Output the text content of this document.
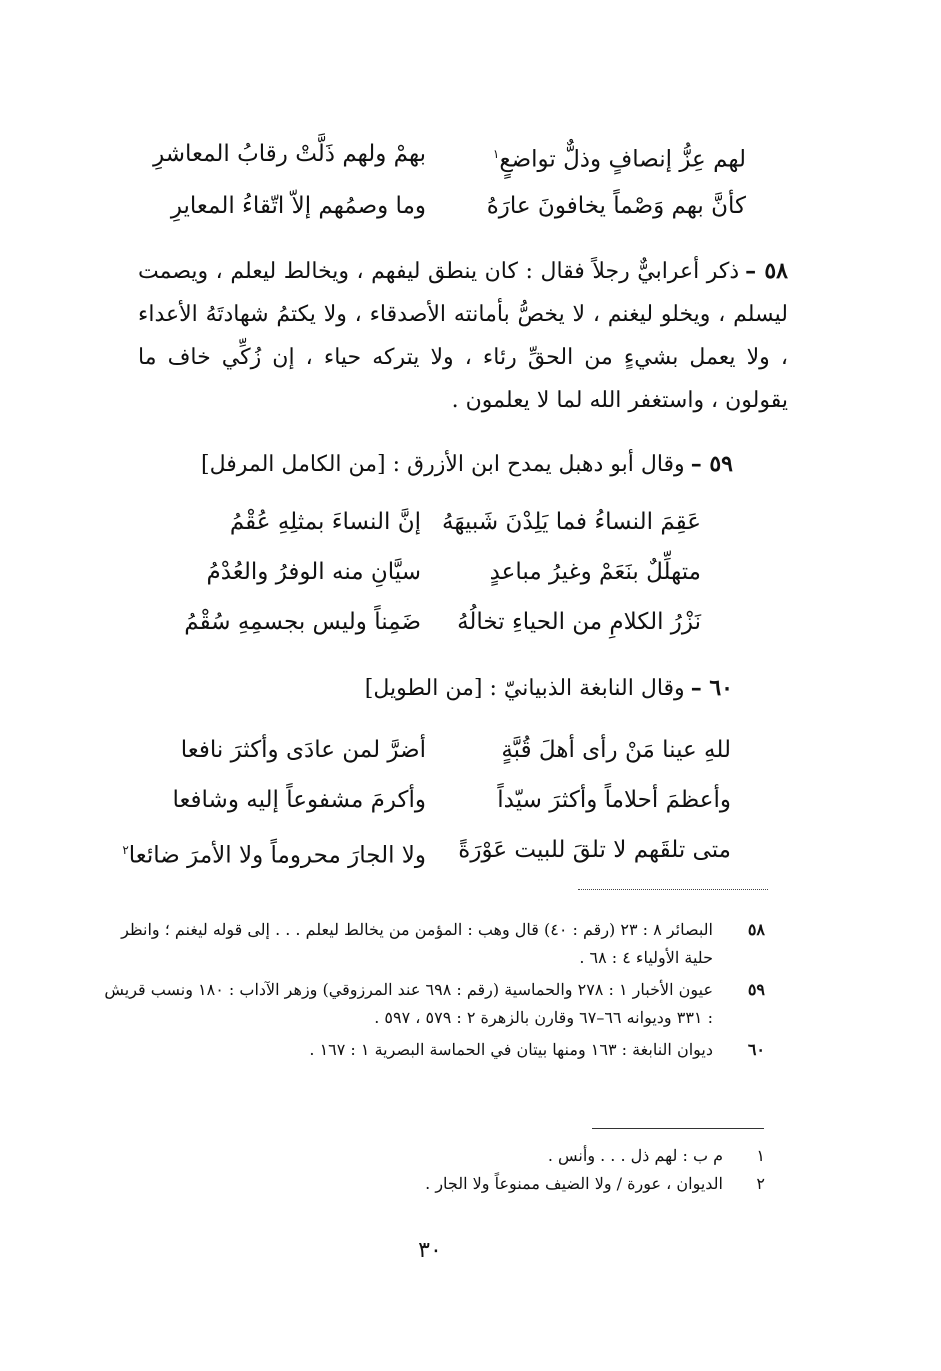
لهم عِزُّ إنصافٍ وذلٌّ تواضعٍ$^١$
بهمْ ولهم ذَلَّتْ رقابُ المعاشرِ
كأنَّ بهم وَصْماً يخافونَ عارَهُ
وما وصمُهم إلاّ اتّقاءُ المعايرِ

٥٨ –ذكر أعرابيٌّ رجلاً فقال : كان ينطق ليفهم ، ويخالط ليعلم ، ويصمت ليسلم ، ويخلو ليغنم ، لا يخصُّ بأمانته الأصدقاء ، ولا يكتمُ شهادتَهُ الأعداء ، ولا يعمل بشيءٍ من الحقِّ رئاء ، ولا يتركه حياء ، إن زُكِّي خاف ما يقولون ، واستغفر الله لما لا يعلمون .

٥٩ –وقال أبو دهبل يمدح ابن الأزرق : [من الكامل المرفل]
عَقِمَ النساءُ فما يَلِدْنَ شَبيهَهُ
إنَّ النساءَ بمثلِهِ عُقْمُ
متهلِّلٌ بنَعَمْ وغيرُ مباعدٍ
سيَّانِ منه الوفرُ والعُدْمُ
نَزْرُ الكلامِ من الحياءِ تخالُهُ
ضَمِناً وليس بجسمِهِ سُقْمُ
٦٠ –وقال النابغة الذبيانيّ : [من الطويل]
للهِ عينا مَنْ رأى أهلَ قُبَّةٍ
أضرَّ لمن عادَى وأكثرَ نافعا
وأعظمَ أحلاماً وأكثرَ سيّداً
وأكرمَ مشفوعاً إليه وشافعا
متى تلقَهم لا تلقَ للبيت عَوْرَةً
ولا الجارَ محروماً ولا الأمرَ ضائعا$^٢$
٥٨
البصائر ٨ : ٢٣ (رقم : ٤٠) قال وهب : المؤمن من يخالط ليعلم . . . إلى قوله ليغنم ؛ وانظر حلية الأولياء ٤ : ٦٨ .
٥٩
عيون الأخبار ١ : ٢٧٨ والحماسية (رقم : ٦٩٨ عند المرزوقي) وزهر الآداب : ١٨٠ ونسب قريش : ٣٣١ وديوانه ٦٦–٦٧ وقارن بالزهرة ٢ : ٥٧٩ ، ٥٩٧ .
٦٠
ديوان النابغة : ١٦٣ ومنها بيتان في الحماسة البصرية ١ : ١٦٧ .
١
م ب : لهم ذل . . . وأنس .
٢
الديوان ، عورة / ولا الضيف ممنوعاً ولا الجار .
٣٠
